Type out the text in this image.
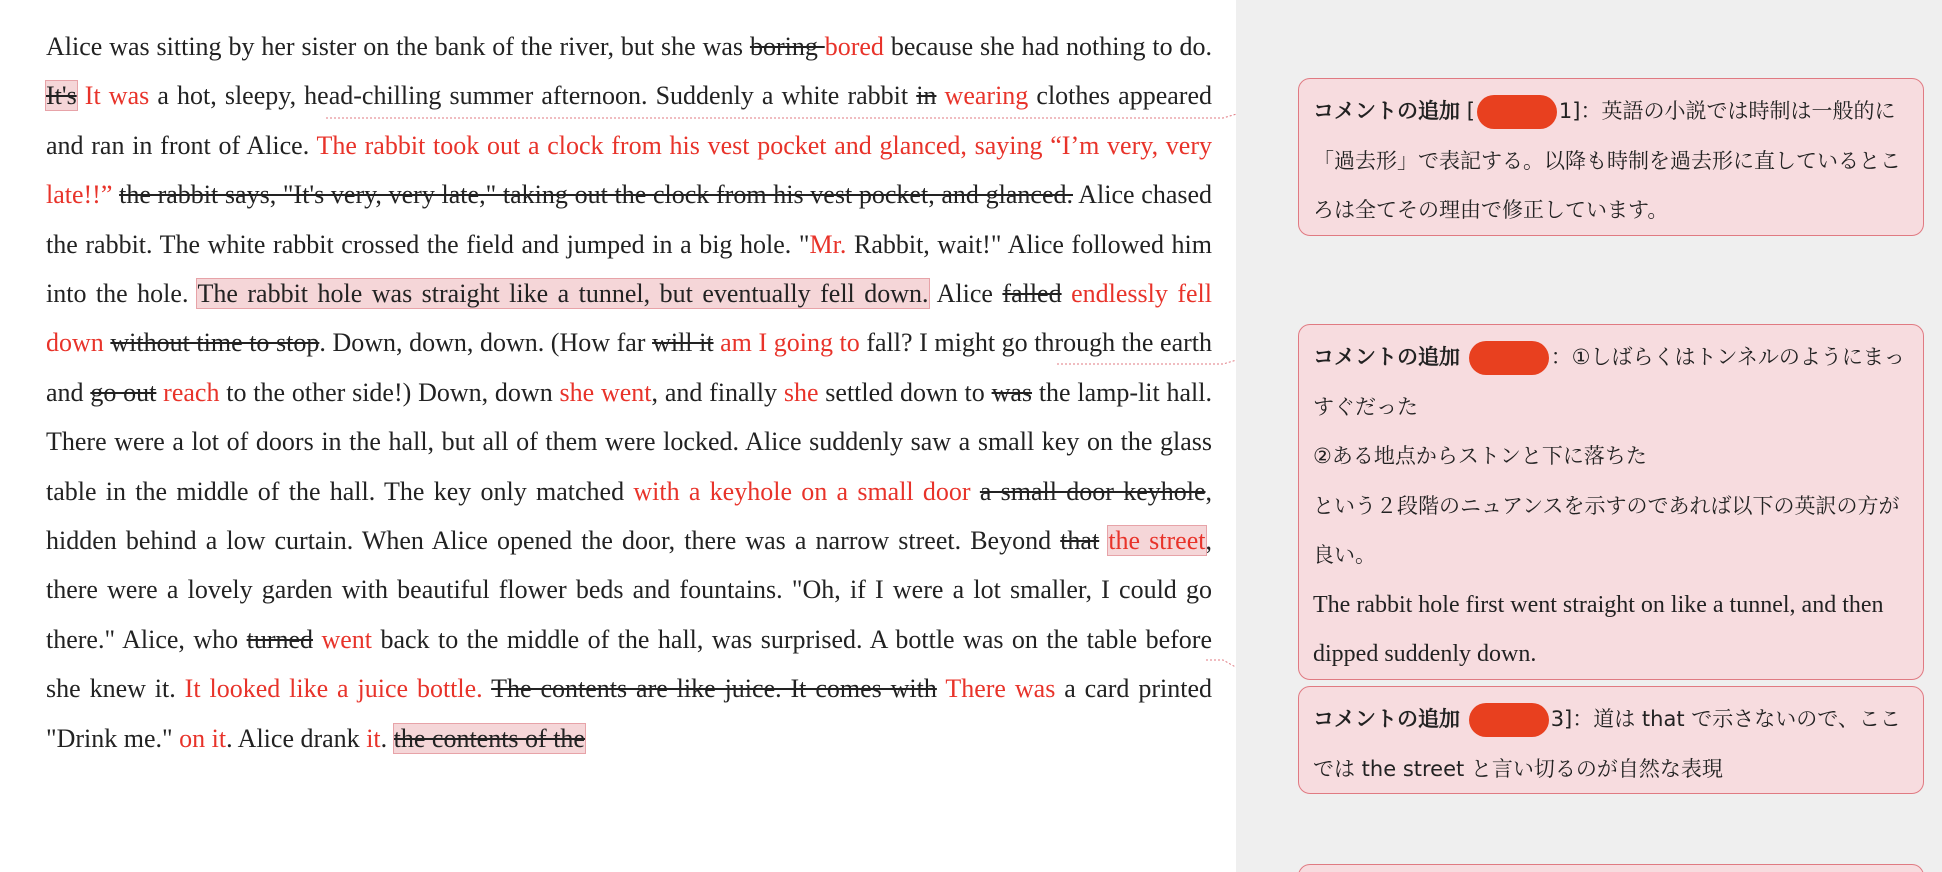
Alice was sitting by her sister on the bank of the river, but she was boring bored because she had nothing to do. It's It was a hot, sleepy, head-chilling summer afternoon. Suddenly a white rabbit in wearing clothes appeared and ran in front of Alice. The rabbit took out a clock from his vest pocket and glanced, saying “I’m very, very late!!” the rabbit says, "It's very, very late," taking out the clock from his vest pocket, and glanced. Alice chased the rabbit. The white rabbit crossed the field and jumped in a big hole. "Mr. Rabbit, wait!" Alice followed him into the hole. The rabbit hole was straight like a tunnel, but eventually fell down. Alice falled endlessly fell down without time to stop. Down, down, down. (How far will it am I going to fall? I might go through the earth and go out reach to the other side!) Down, down she went, and finally she settled down to was the lamp-lit hall. There were a lot of doors in the hall, but all of them were locked. Alice suddenly saw a small key on the glass table in the middle of the hall. The key only matched with a keyhole on a small door a small door keyhole, hidden behind a low curtain. When Alice opened the door, there was a narrow street. Beyond that the street, there were a lovely garden with beautiful flower beds and fountains. "Oh, if I were a lot smaller, I could go there." Alice, who turned went back to the middle of the hall, was surprised. A bottle was on the table before she knew it. It looked like a juice bottle. The contents are like juice. It comes with There was a card printed "Drink me." on it. Alice drank it. the contents of the

コメントの追加 [	1]：英語の小説では時制は一般的に「過去形」で表記する。以降も時制を過去形に直しているところは全てその理由で修正しています。

コメントの追加	：①しばらくはトンネルのようにまっすぐだった

②ある地点からストンと下に落ちた

という２段階のニュアンスを示すのであれば以下の英訳の方が良い。

The rabbit hole first went straight on like a tunnel, and then dipped suddenly down.

コメントの追加	3]：道は that で示さないので、ここでは the street と言い切るのが自然な表現
